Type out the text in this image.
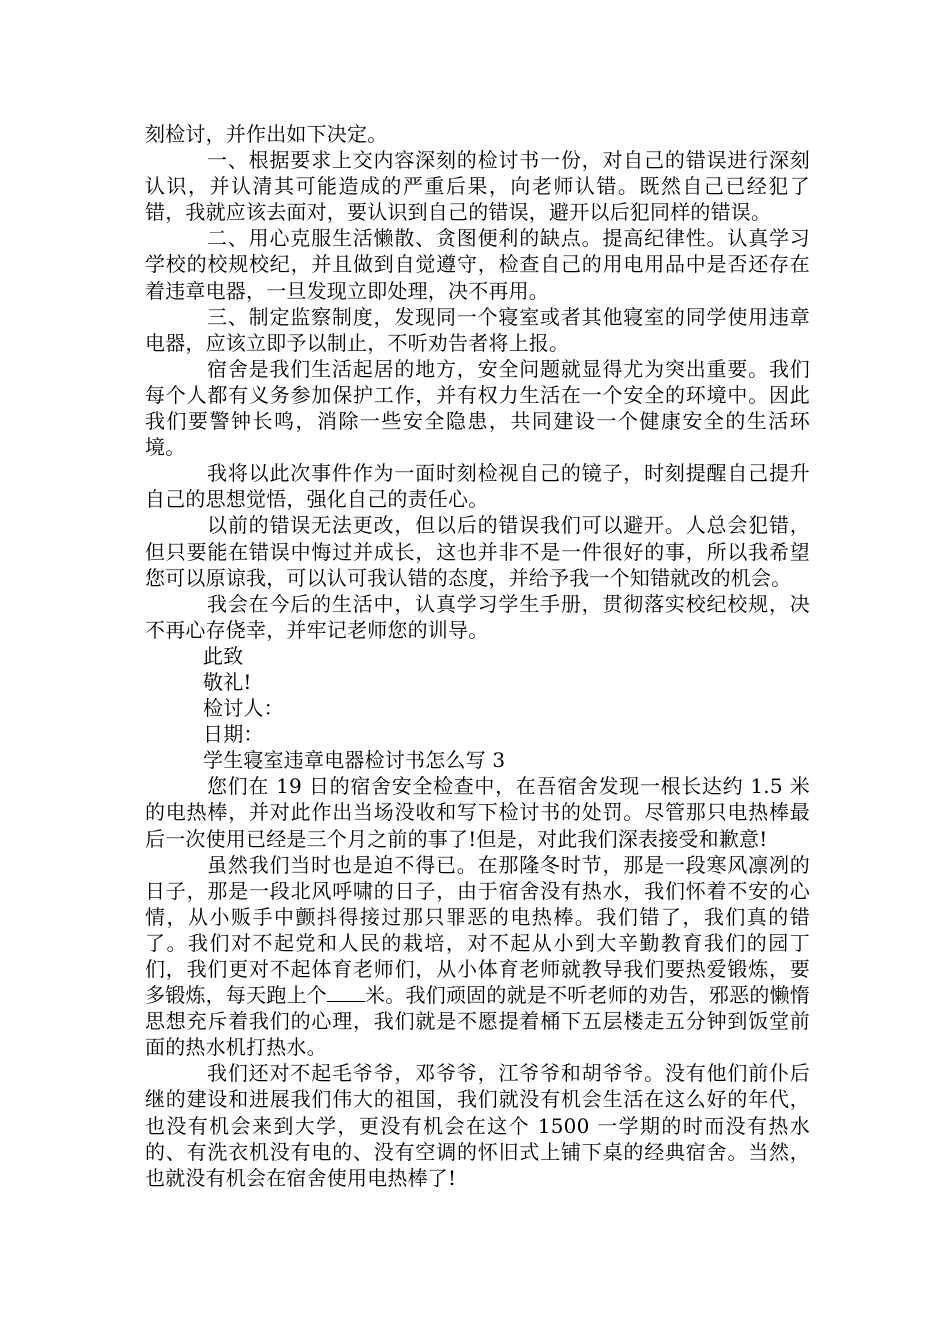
刻检讨，并作出如下决定。

一、根据要求上交内容深刻的检讨书一份，对自己的错误进行深刻认识，并认清其可能造成的严重后果，向老师认错。既然自己已经犯了错，我就应该去面对，要认识到自己的错误，避开以后犯同样的错误。

二、用心克服生活懒散、贪图便利的缺点。提高纪律性。认真学习学校的校规校纪，并且做到自觉遵守，检查自己的用电用品中是否还存在着违章电器，一旦发现立即处理，决不再用。

三、制定监察制度，发现同一个寝室或者其他寝室的同学使用违章电器，应该立即予以制止，不听劝告者将上报。

宿舍是我们生活起居的地方，安全问题就显得尤为突出重要。我们每个人都有义务参加保护工作，并有权力生活在一个安全的环境中。因此我们要警钟长鸣，消除一些安全隐患，共同建设一个健康安全的生活环境。

我将以此次事件作为一面时刻检视自己的镜子，时刻提醒自己提升自己的思想觉悟，强化自己的责任心。

以前的错误无法更改，但以后的错误我们可以避开。人总会犯错，但只要能在错误中悔过并成长，这也并非不是一件很好的事，所以我希望您可以原谅我，可以认可我认错的态度，并给予我一个知错就改的机会。

我会在今后的生活中，认真学习学生手册，贯彻落实校纪校规，决不再心存侥幸，并牢记老师您的训导。

此致

敬礼!

检讨人：

日期：

学生寝室违章电器检讨书怎么写 3

您们在 19 日的宿舍安全检查中，在吾宿舍发现一根长达约 1.5 米的电热棒，并对此作出当场没收和写下检讨书的处罚。尽管那只电热棒最后一次使用已经是三个月之前的事了!但是，对此我们深表接受和歉意!

虽然我们当时也是迫不得已。在那隆冬时节，那是一段寒风凛冽的日子，那是一段北风呼啸的日子，由于宿舍没有热水，我们怀着不安的心情，从小贩手中颤抖得接过那只罪恶的电热棒。我们错了，我们真的错了。我们对不起党和人民的栽培，对不起从小到大辛勤教育我们的园丁们，我们更对不起体育老师们，从小体育老师就教导我们要热爱锻炼，要多锻炼，每天跑上个 米。我们顽固的就是不听老师的劝告，邪恶的懒惰思想充斥着我们的心理，我们就是不愿提着桶下五层楼走五分钟到饭堂前面的热水机打热水。

我们还对不起毛爷爷，邓爷爷，江爷爷和胡爷爷。没有他们前仆后继的建设和进展我们伟大的祖国，我们就没有机会生活在这么好的年代，也没有机会来到大学，更没有机会在这个 1500 一学期的时而没有热水的、有洗衣机没有电的、没有空调的怀旧式上铺下桌的经典宿舍。当然，也就没有机会在宿舍使用电热棒了!
